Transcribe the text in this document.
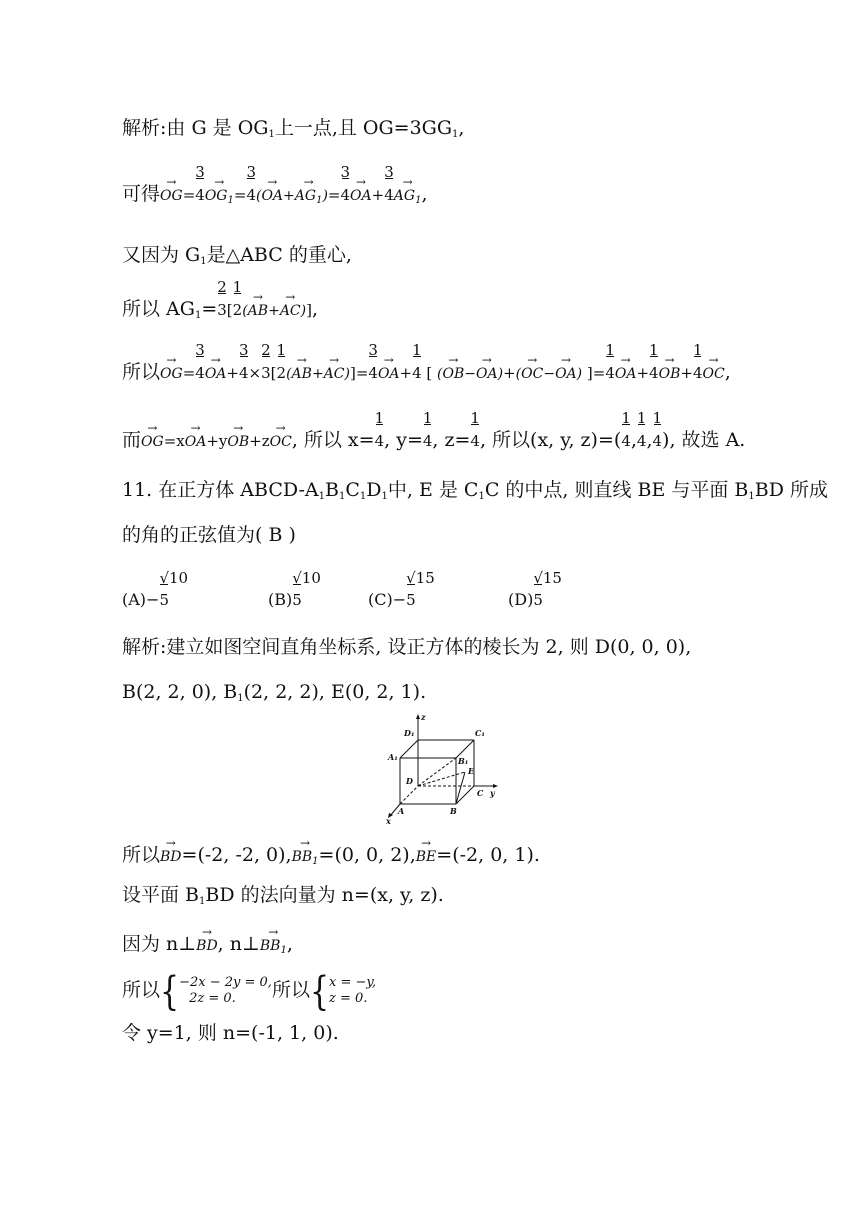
解析:由 G 是 $OG_1$上一点,且 $OG=3GG_1$,
可得→ $OG= \frac{3}{4}\to OG_1= \frac{3}{4}(\to OA+\to AG_1)= \frac{3}{4}\to OA+ \frac{3}{4}\to AG_1$,
又因为 $G_1$是△ABC 的重心,
所以 $AG_1= \frac{2}{3}[ \frac{1}{2}(\to AB+\to AC)]$,
所以→ $OG= \frac{3}{4}\to OA+ \frac{3}{4}\times \frac{2}{3}[ \frac{1}{2}(\to AB+\to AC)]= \frac{3}{4}\to OA+ \frac{1}{4}$ [ (→ OB−→ OA)+(→ OC−→ OA) ]= $\frac{1}{4}\to OA+ \frac{1}{4}\to OB+ \frac{1}{4}\to$ OC,
而→ OG=x→ OA+y→ OB+z→ OC, 所以 $x= \frac{1}{4}$, $y= \frac{1}{4}$, $z= \frac{1}{4}$, 所以(x, y, $z)=( \frac{1}{4}$, $\frac{1}{4}$, $\frac{1}{4}$), 故选 A.
11. 在正方体 ABCD-$A_1B_1C_1D_1$中, E 是 $C_1C$ 的中点, 则直线 BE 与平面 $B_1BD$ 所成
的角的正弦值为( B )
$(A)- \frac{√10}{5}$	$(B) \frac{√10}{5}$	$(C)- \frac{√15}{5}$	$(D) \frac{√15}{5}$
解析:建立如图空间直角坐标系, 设正方体的棱长为 2, 则 D(0, 0, 0),
B(2, 2, 0), $B_1(2$, 2, 2), E(0, 2, 1).
z
D₁	C₁
A₁	B₁
E
D
C y
A	B
x
所以→ BD=(-2, -2, $0),\to BB_1=(0$, 0, 2),→ BE=(-2, 0, 1).
设平面 $B_1BD$ 的法向量为 n=(x, y, z).
因为 n⊥→ BD, n⊥→ $BB_1$,
所以{−2x − 2y = 0,
2z = 0. 所以{x = −y,
z = 0.
令 y=1, 则 n=(-1, 1, 0).
